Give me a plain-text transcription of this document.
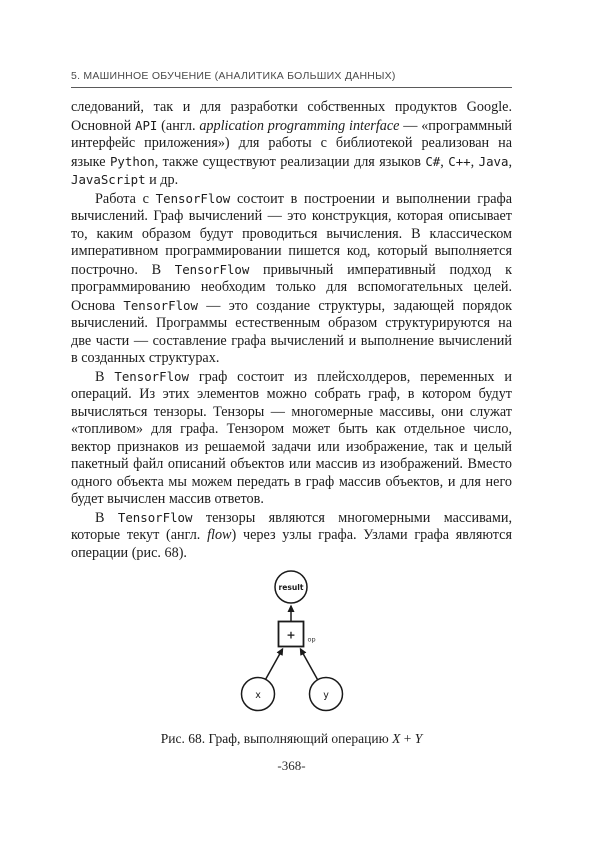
5. МАШИННОЕ ОБУЧЕНИЕ (АНАЛИТИКА БОЛЬШИХ ДАННЫХ)

следований, так и для разработки собственных продуктов Google. Основной API (англ. application programming interface — «программный интерфейс приложения») для работы с библиотекой реализован на языке Python, также существуют реализации для языков C#, C++, Java, JavaScript и др.

Работа с TensorFlow состоит в построении и выполнении графа вычислений. Граф вычислений — это конструкция, которая описывает то, каким образом будут проводиться вычисления. В классическом императивном программировании пишется код, который выполняется построчно. В TensorFlow привычный императивный подход к программированию необходим только для вспомогательных целей. Основа TensorFlow — это создание структуры, задающей порядок вычислений. Программы естественным образом структурируются на две части — составление графа вычислений и выполнение вычислений в созданных структурах.

В TensorFlow граф состоит из плейсхолдеров, переменных и операций. Из этих элементов можно собрать граф, в котором будут вычисляться тензоры. Тензоры — многомерные массивы, они служат «топливом» для графа. Тензором может быть как отдельное число, вектор признаков из решаемой задачи или изображение, так и целый пакетный файл описаний объектов или массив из изображений. Вместо одного объекта мы можем передать в граф массив объектов, и для него будет вычислен массив ответов.

В TensorFlow тензоры являются многомерными массивами, которые текут (англ. flow) через узлы графа. Узлами графа являются операции (рис. 68).

result
+ op
x	y
Рис. 68. Граф, выполняющий операцию X + Y
-368-
